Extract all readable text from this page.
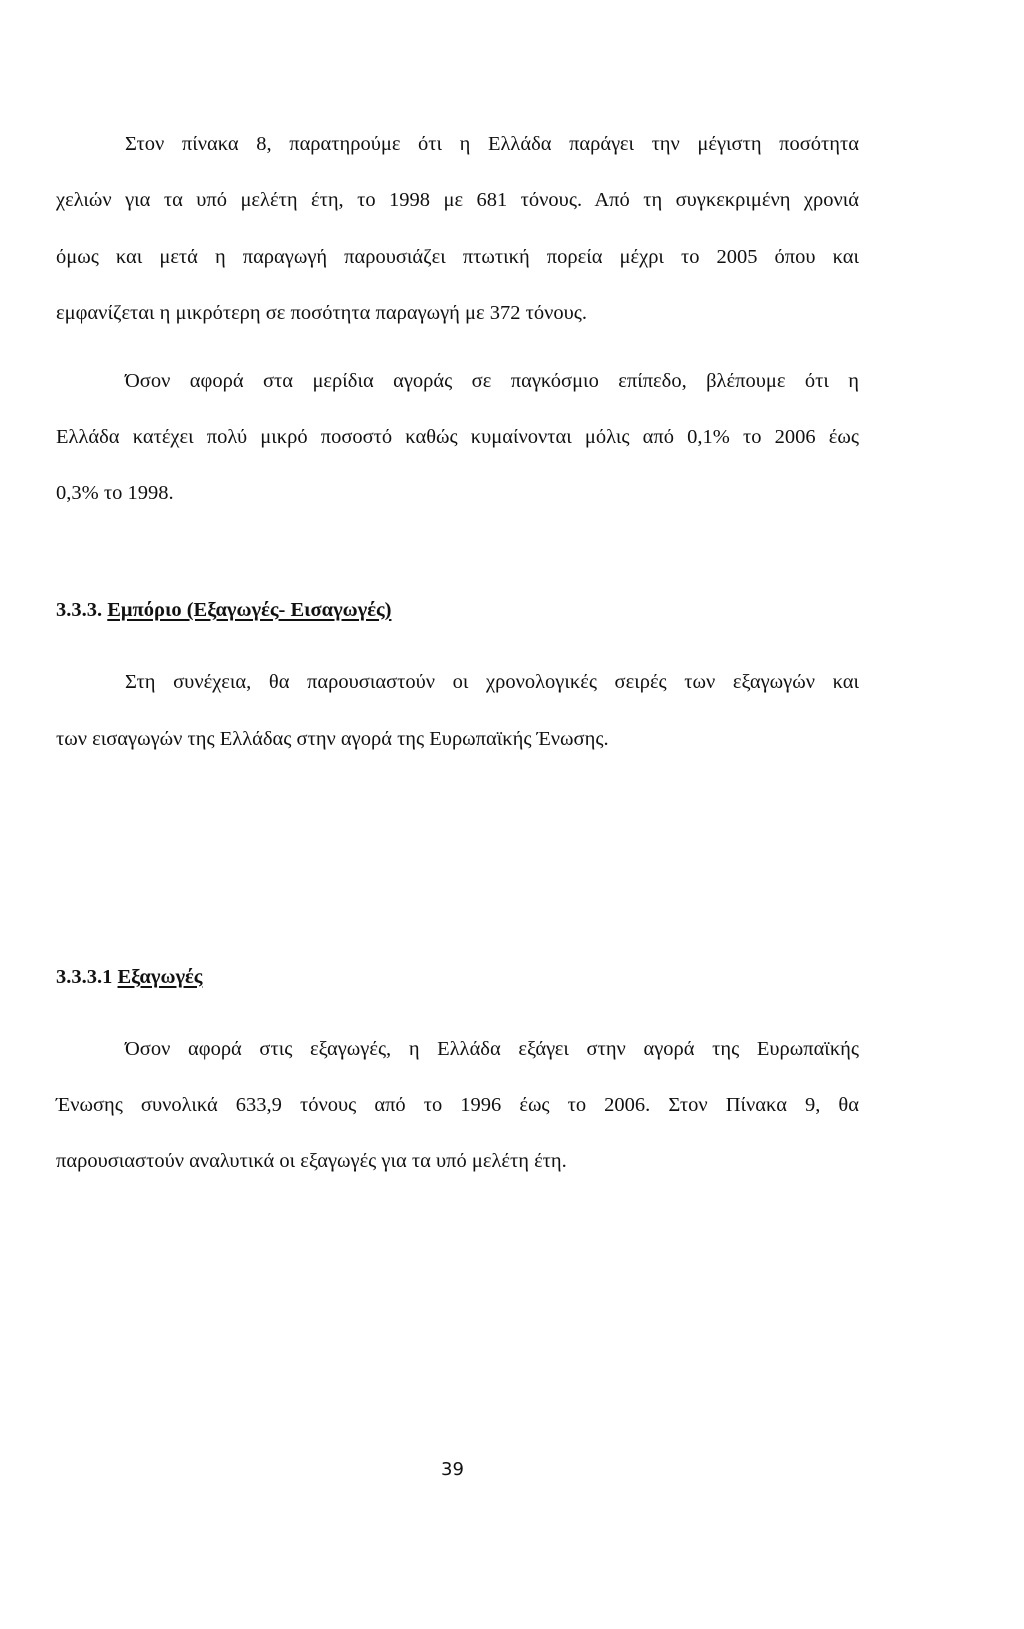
Στον πίνακα 8, παρατηρούμε ότι η Ελλάδα παράγει την μέγιστη ποσότητα

χελιών για τα υπό μελέτη έτη, το 1998 με 681 τόνους. Από τη συγκεκριμένη χρονιά

όμως και μετά η παραγωγή παρουσιάζει πτωτική πορεία μέχρι το 2005 όπου και

εμφανίζεται η μικρότερη σε ποσότητα παραγωγή με 372 τόνους.

Όσον αφορά στα μερίδια αγοράς σε παγκόσμιο επίπεδο, βλέπουμε ότι η

Ελλάδα κατέχει πολύ μικρό ποσοστό καθώς κυμαίνονται μόλις από 0,1% το 2006 έως

0,3% το 1998.

3.3.3. Εμπόριο (Εξαγωγές- Εισαγωγές)

Στη συνέχεια, θα παρουσιαστούν οι χρονολογικές σειρές των εξαγωγών και

των εισαγωγών της Ελλάδας στην αγορά της Ευρωπαϊκής Ένωσης.

3.3.3.1 Εξαγωγές

Όσον αφορά στις εξαγωγές, η Ελλάδα εξάγει στην αγορά της Ευρωπαϊκής

Ένωσης συνολικά 633,9 τόνους από το 1996 έως το 2006. Στον Πίνακα 9, θα

παρουσιαστούν αναλυτικά οι εξαγωγές για τα υπό μελέτη έτη.

39
